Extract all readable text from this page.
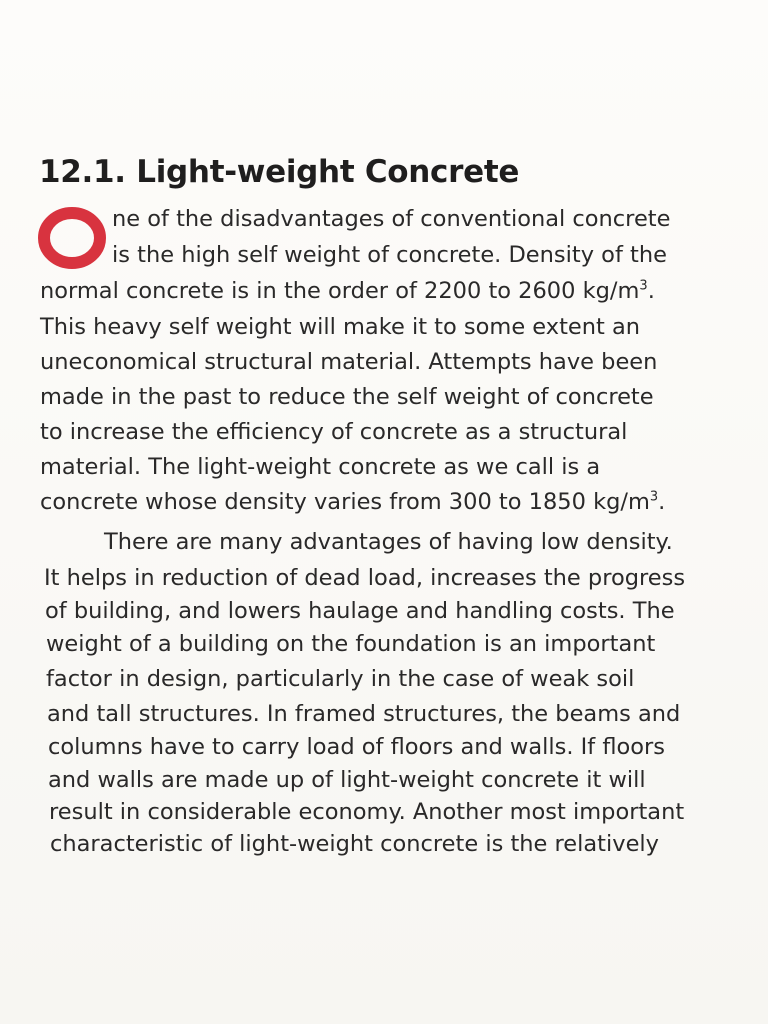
12.1. Light-weight Concrete
ne of the disadvantages of conventional concrete
is the high self weight of concrete. Density of the
normal concrete is in the order of 2200 to 2600 $kg/m^3$.
This heavy self weight will make it to some extent an
uneconomical structural material. Attempts have been
made in the past to reduce the self weight of concrete
to increase the efficiency of concrete as a structural
material. The light-weight concrete as we call is a
concrete whose density varies from 300 to 1850 $kg/m^3$.
There are many advantages of having low density.
It helps in reduction of dead load, increases the progress
of building, and lowers haulage and handling costs. The
weight of a building on the foundation is an important
factor in design, particularly in the case of weak soil
and tall structures. In framed structures, the beams and
columns have to carry load of floors and walls. If floors
and walls are made up of light-weight concrete it will
result in considerable economy. Another most important
characteristic of light-weight concrete is the relatively
